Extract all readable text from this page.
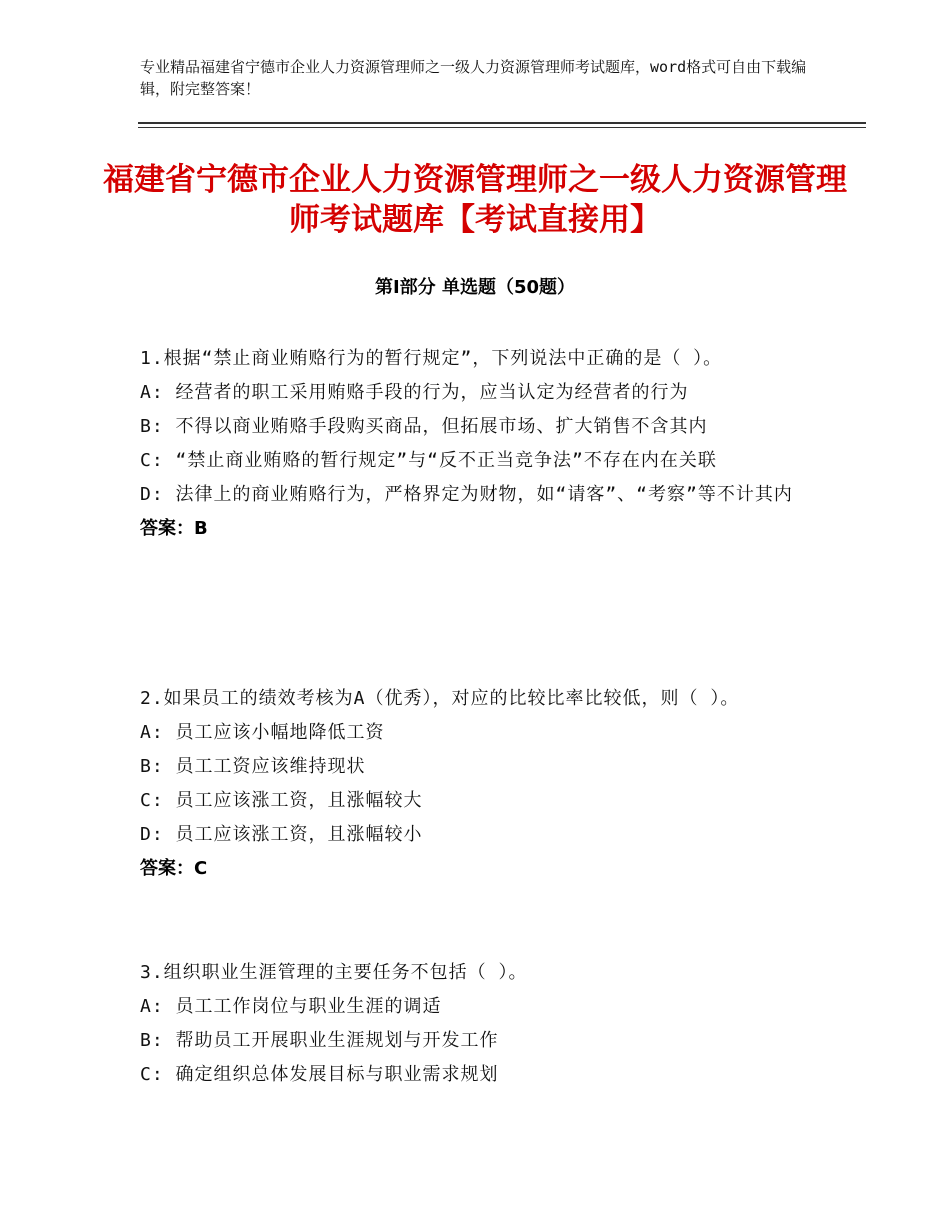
专业精品福建省宁德市企业人力资源管理师之一级人力资源管理师考试题库，word格式可自由下载编辑，附完整答案！
福建省宁德市企业人力资源管理师之一级人力资源管理师考试题库【考试直接用】
第Ⅰ部分 单选题（50题）

1.根据“禁止商业贿赂行为的暂行规定”，下列说法中正确的是（ ）。

A: 经营者的职工采用贿赂手段的行为，应当认定为经营者的行为

B: 不得以商业贿赂手段购买商品，但拓展市场、扩大销售不含其内

C: “禁止商业贿赂的暂行规定”与“反不正当竞争法”不存在内在关联

D: 法律上的商业贿赂行为，严格界定为财物，如“请客”、“考察”等不计其内

答案：B

2.如果员工的绩效考核为A（优秀），对应的比较比率比较低，则（ ）。

A: 员工应该小幅地降低工资

B: 员工工资应该维持现状

C: 员工应该涨工资，且涨幅较大

D: 员工应该涨工资，且涨幅较小

答案：C

3.组织职业生涯管理的主要任务不包括（ ）。

A: 员工工作岗位与职业生涯的调适

B: 帮助员工开展职业生涯规划与开发工作

C: 确定组织总体发展目标与职业需求规划
